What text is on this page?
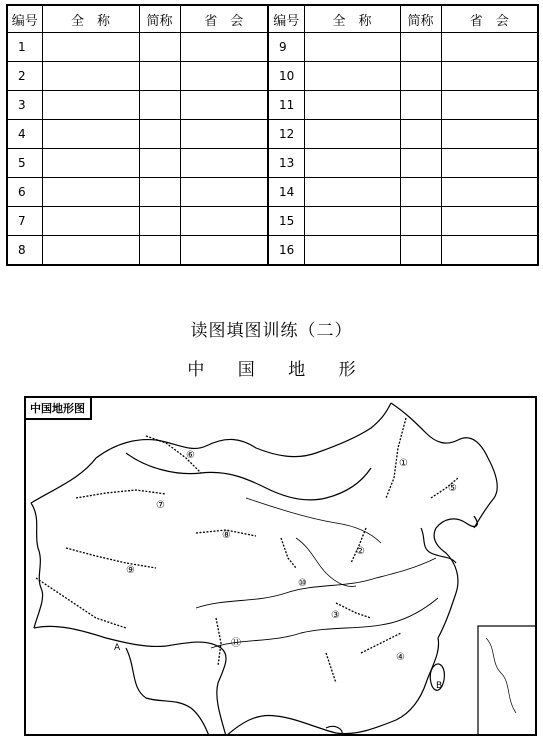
编号	全　称	简称	省　会	编号	全　称	简称	省　会
1				9			
2				10			
3				11			
4				12			
5				13			
6				14			
7				15			
8				16			
读图填图训练（二）
中 国 地 形
中国地形图
①
②
③
④
⑤
⑥
⑦
⑧
⑨
⑩
⑪
A
B
